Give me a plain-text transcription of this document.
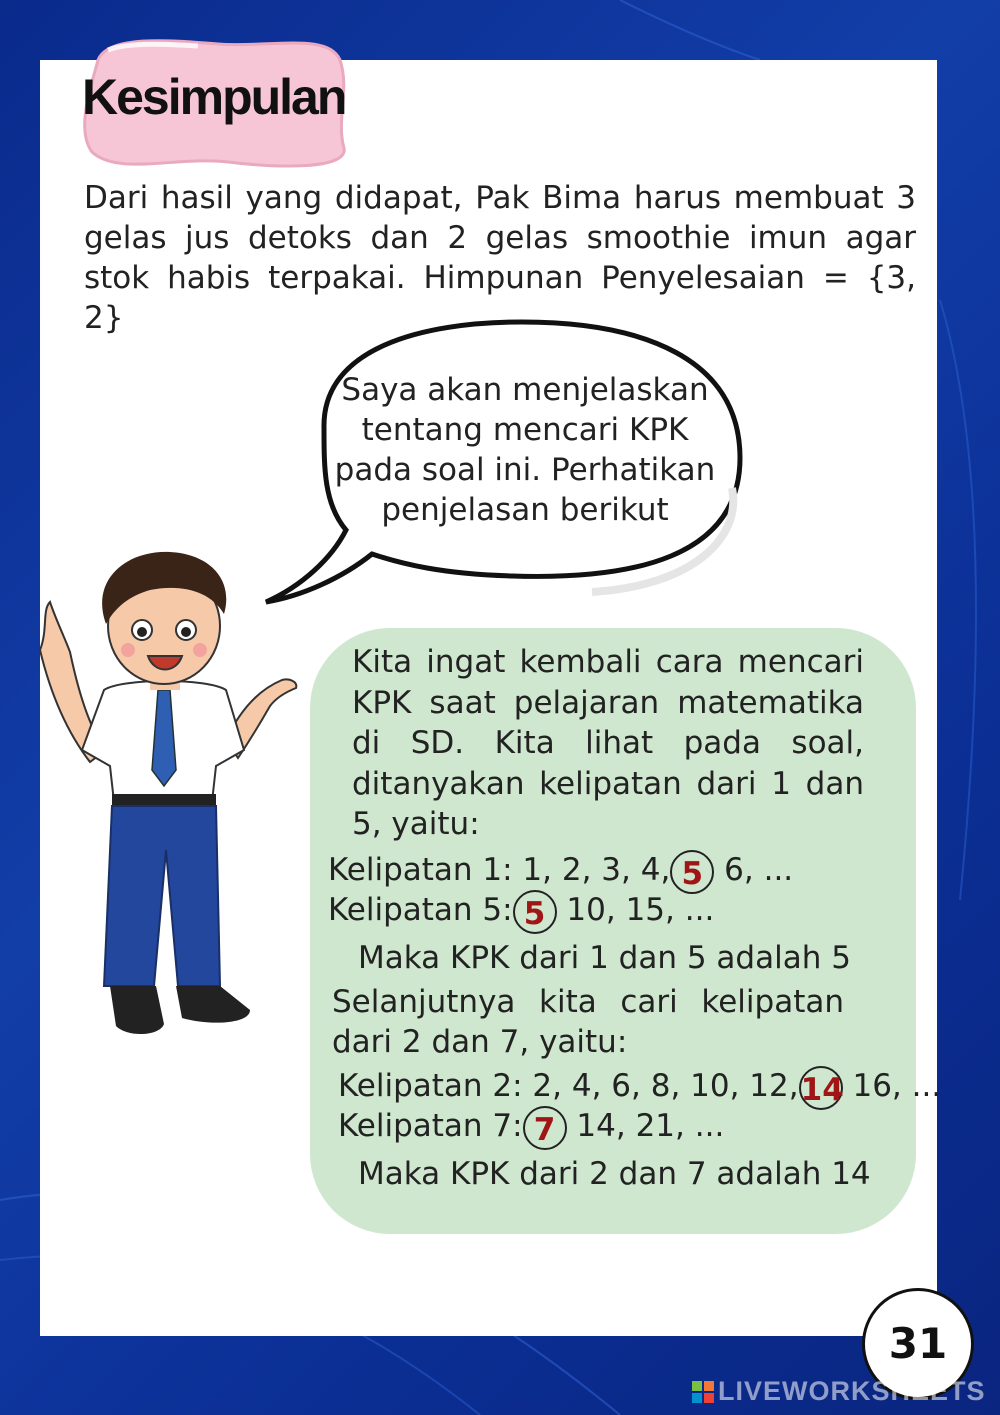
Kesimpulan

Dari hasil yang didapat, Pak Bima harus membuat 3 gelas jus detoks dan 2 gelas smoothie imun agar stok habis terpakai. Himpunan Penyelesaian = {3, 2}

Saya akan menjelaskan tentang mencari KPK pada soal ini. Perhatikan penjelasan berikut

Kita ingat kembali cara mencari KPK saat pelajaran matematika di SD. Kita lihat pada soal, ditanyakan kelipatan dari 1 dan 5, yaitu:

Kelipatan 1: 1, 2, 3, 4, 5 6, ...
Kelipatan 5: 5 10, 15, ...
Maka KPK dari 1 dan 5 adalah 5

Selanjutnya kita cari kelipatan dari 2 dan 7, yaitu:

Kelipatan 2: 2, 4, 6, 8, 10, 12,14 16, ...
Kelipatan 7: 7 14, 21, ...
Maka KPK dari 2 dan 7 adalah 14
31
LIVEWORKSHEETS
